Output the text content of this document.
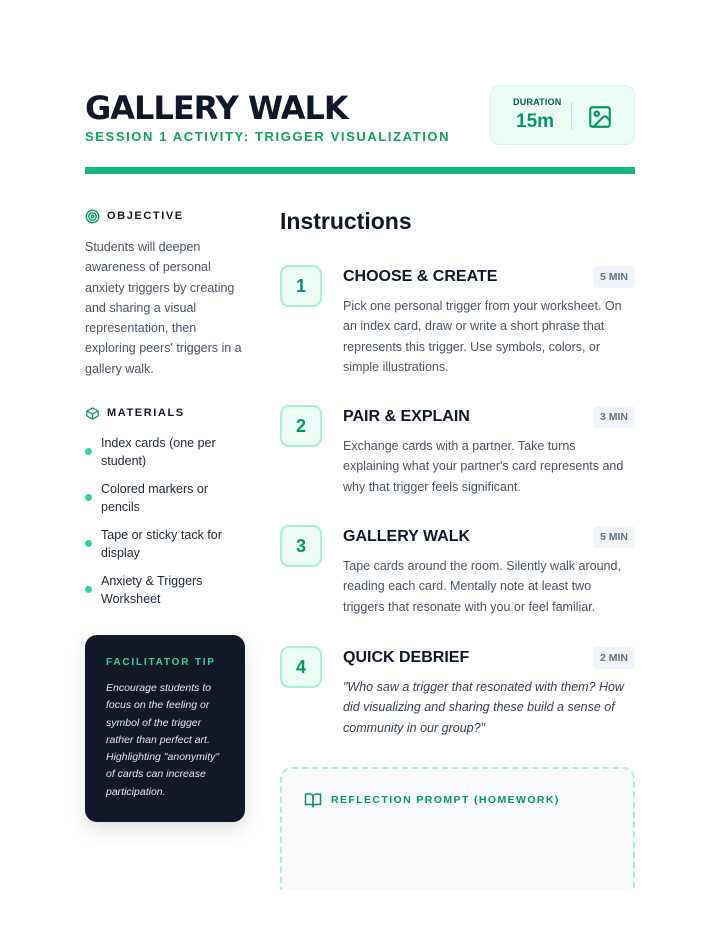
GALLERY WALK
SESSION 1 ACTIVITY: TRIGGER VISUALIZATION
DURATION
15m
OBJECTIVE
Students will deepen awareness of personal anxiety triggers by creating and sharing a visual representation, then exploring peers' triggers in a gallery walk.
MATERIALS
Index cards (one per student)
Colored markers or pencils
Tape or sticky tack for display
Anxiety & Triggers Worksheet
FACILITATOR TIP
Encourage students to focus on the feeling or symbol of the trigger rather than perfect art. Highlighting "anonymity" of cards can increase participation.
Instructions
1	CHOOSE & CREATE	5 MIN
Pick one personal trigger from your worksheet. On an index card, draw or write a short phrase that represents this trigger. Use symbols, colors, or simple illustrations.
2	PAIR & EXPLAIN	3 MIN
Exchange cards with a partner. Take turns explaining what your partner's card represents and why that trigger feels significant.
3	GALLERY WALK	5 MIN
Tape cards around the room. Silently walk around, reading each card. Mentally note at least two triggers that resonate with you or feel familiar.
4	QUICK DEBRIEF	2 MIN
"Who saw a trigger that resonated with them? How did visualizing and sharing these build a sense of community in our group?"
REFLECTION PROMPT (HOMEWORK)
